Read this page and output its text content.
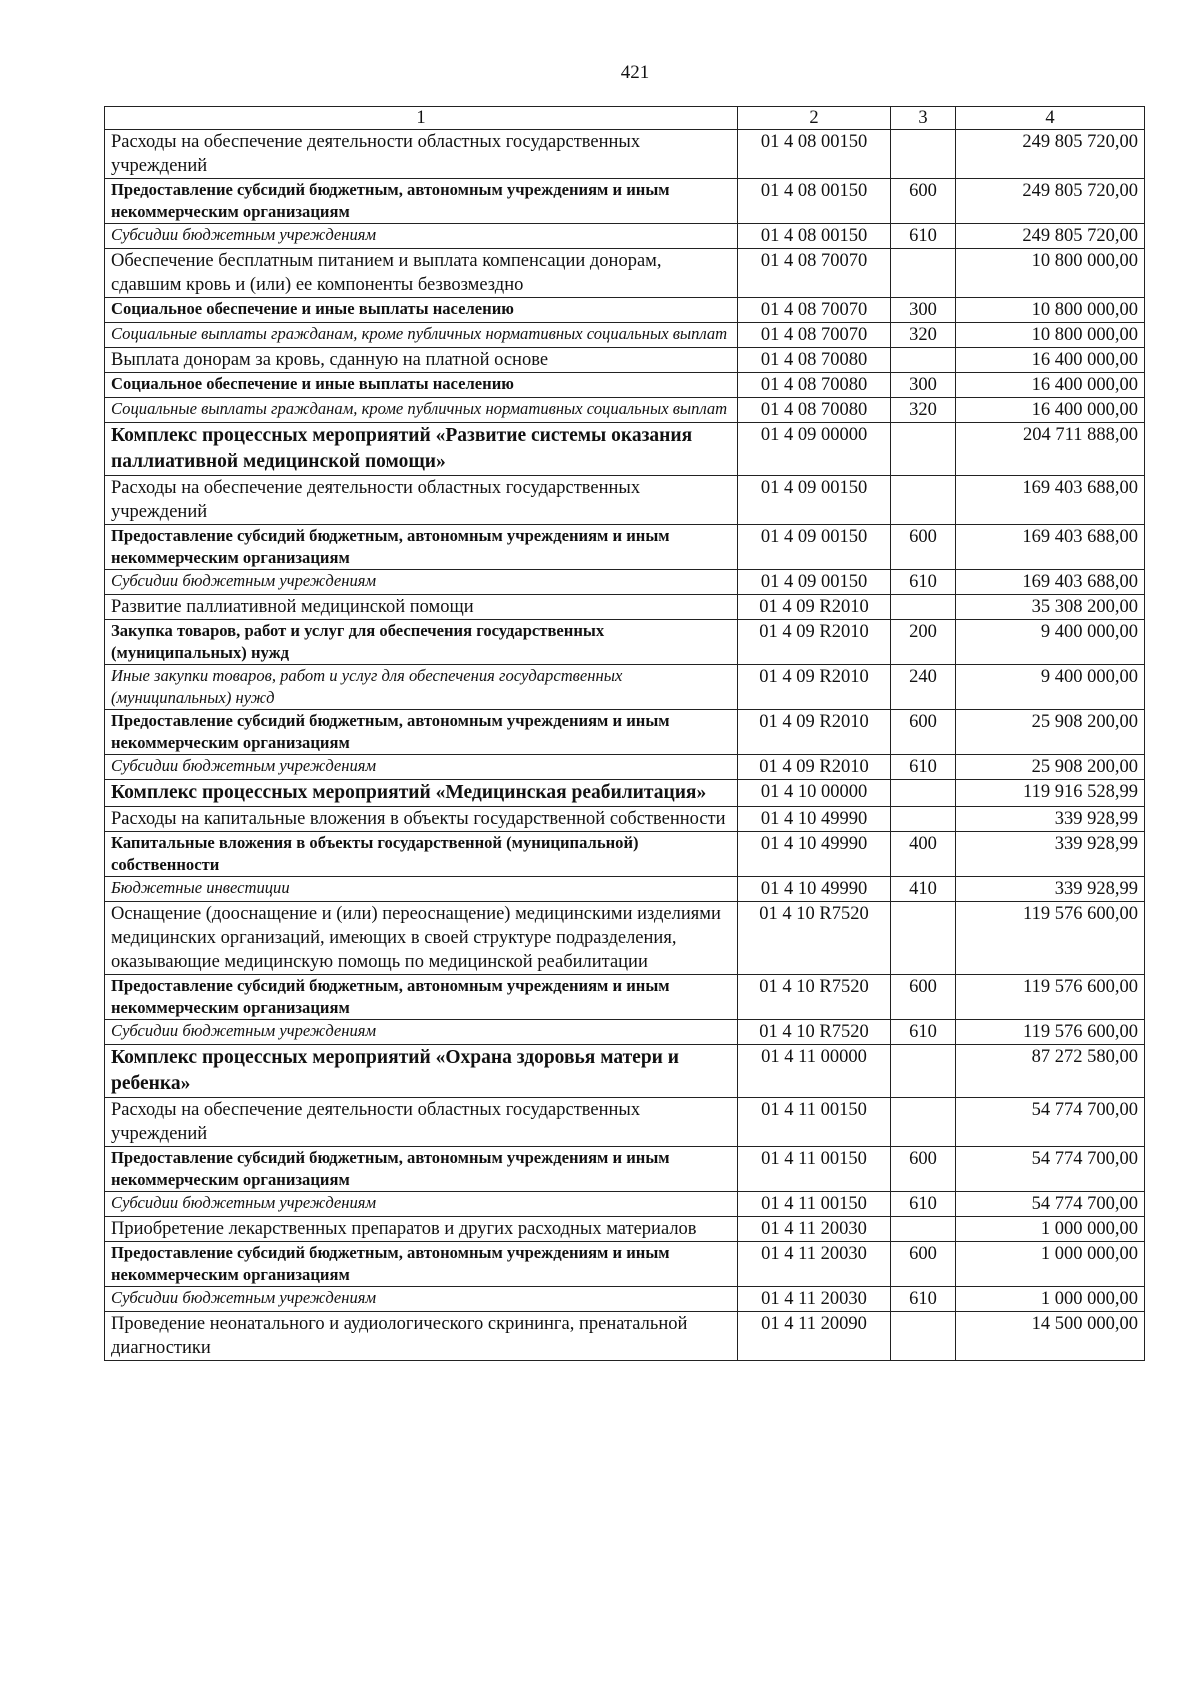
421
1	2	3	4
Расходы на обеспечение деятельности областных государственных учреждений	01 4 08 00150		249 805 720,00
Предоставление субсидий бюджетным, автономным учреждениям и иным некоммерческим организациям	01 4 08 00150	600	249 805 720,00
Субсидии бюджетным учреждениям	01 4 08 00150	610	249 805 720,00
Обеспечение бесплатным питанием и выплата компенсации донорам, сдавшим кровь и (или) ее компоненты безвозмездно	01 4 08 70070		10 800 000,00
Социальное обеспечение и иные выплаты населению	01 4 08 70070	300	10 800 000,00
Социальные выплаты гражданам, кроме публичных нормативных социальных выплат	01 4 08 70070	320	10 800 000,00
Выплата донорам за кровь, сданную на платной основе	01 4 08 70080		16 400 000,00
Социальное обеспечение и иные выплаты населению	01 4 08 70080	300	16 400 000,00
Социальные выплаты гражданам, кроме публичных нормативных социальных выплат	01 4 08 70080	320	16 400 000,00
Комплекс процессных мероприятий «Развитие системы оказания паллиативной медицинской помощи»	01 4 09 00000		204 711 888,00
Расходы на обеспечение деятельности областных государственных учреждений	01 4 09 00150		169 403 688,00
Предоставление субсидий бюджетным, автономным учреждениям и иным некоммерческим организациям	01 4 09 00150	600	169 403 688,00
Субсидии бюджетным учреждениям	01 4 09 00150	610	169 403 688,00
Развитие паллиативной медицинской помощи	01 4 09 R2010		35 308 200,00
Закупка товаров, работ и услуг для обеспечения государственных (муниципальных) нужд	01 4 09 R2010	200	9 400 000,00
Иные закупки товаров, работ и услуг для обеспечения государственных (муниципальных) нужд	01 4 09 R2010	240	9 400 000,00
Предоставление субсидий бюджетным, автономным учреждениям и иным некоммерческим организациям	01 4 09 R2010	600	25 908 200,00
Субсидии бюджетным учреждениям	01 4 09 R2010	610	25 908 200,00
Комплекс процессных мероприятий «Медицинская реабилитация»	01 4 10 00000		119 916 528,99
Расходы на капитальные вложения в объекты государственной собственности	01 4 10 49990		339 928,99
Капитальные вложения в объекты государственной (муниципальной) собственности	01 4 10 49990	400	339 928,99
Бюджетные инвестиции	01 4 10 49990	410	339 928,99
Оснащение (дооснащение и (или) переоснащение) медицинскими изделиями медицинских организаций, имеющих в своей структуре подразделения, оказывающие медицинскую помощь по медицинской реабилитации	01 4 10 R7520		119 576 600,00
Предоставление субсидий бюджетным, автономным учреждениям и иным некоммерческим организациям	01 4 10 R7520	600	119 576 600,00
Субсидии бюджетным учреждениям	01 4 10 R7520	610	119 576 600,00
Комплекс процессных мероприятий «Охрана здоровья матери и ребенка»	01 4 11 00000		87 272 580,00
Расходы на обеспечение деятельности областных государственных учреждений	01 4 11 00150		54 774 700,00
Предоставление субсидий бюджетным, автономным учреждениям и иным некоммерческим организациям	01 4 11 00150	600	54 774 700,00
Субсидии бюджетным учреждениям	01 4 11 00150	610	54 774 700,00
Приобретение лекарственных препаратов и других расходных материалов	01 4 11 20030		1 000 000,00
Предоставление субсидий бюджетным, автономным учреждениям и иным некоммерческим организациям	01 4 11 20030	600	1 000 000,00
Субсидии бюджетным учреждениям	01 4 11 20030	610	1 000 000,00
Проведение неонатального и аудиологического скрининга, пренатальной диагностики	01 4 11 20090		14 500 000,00
